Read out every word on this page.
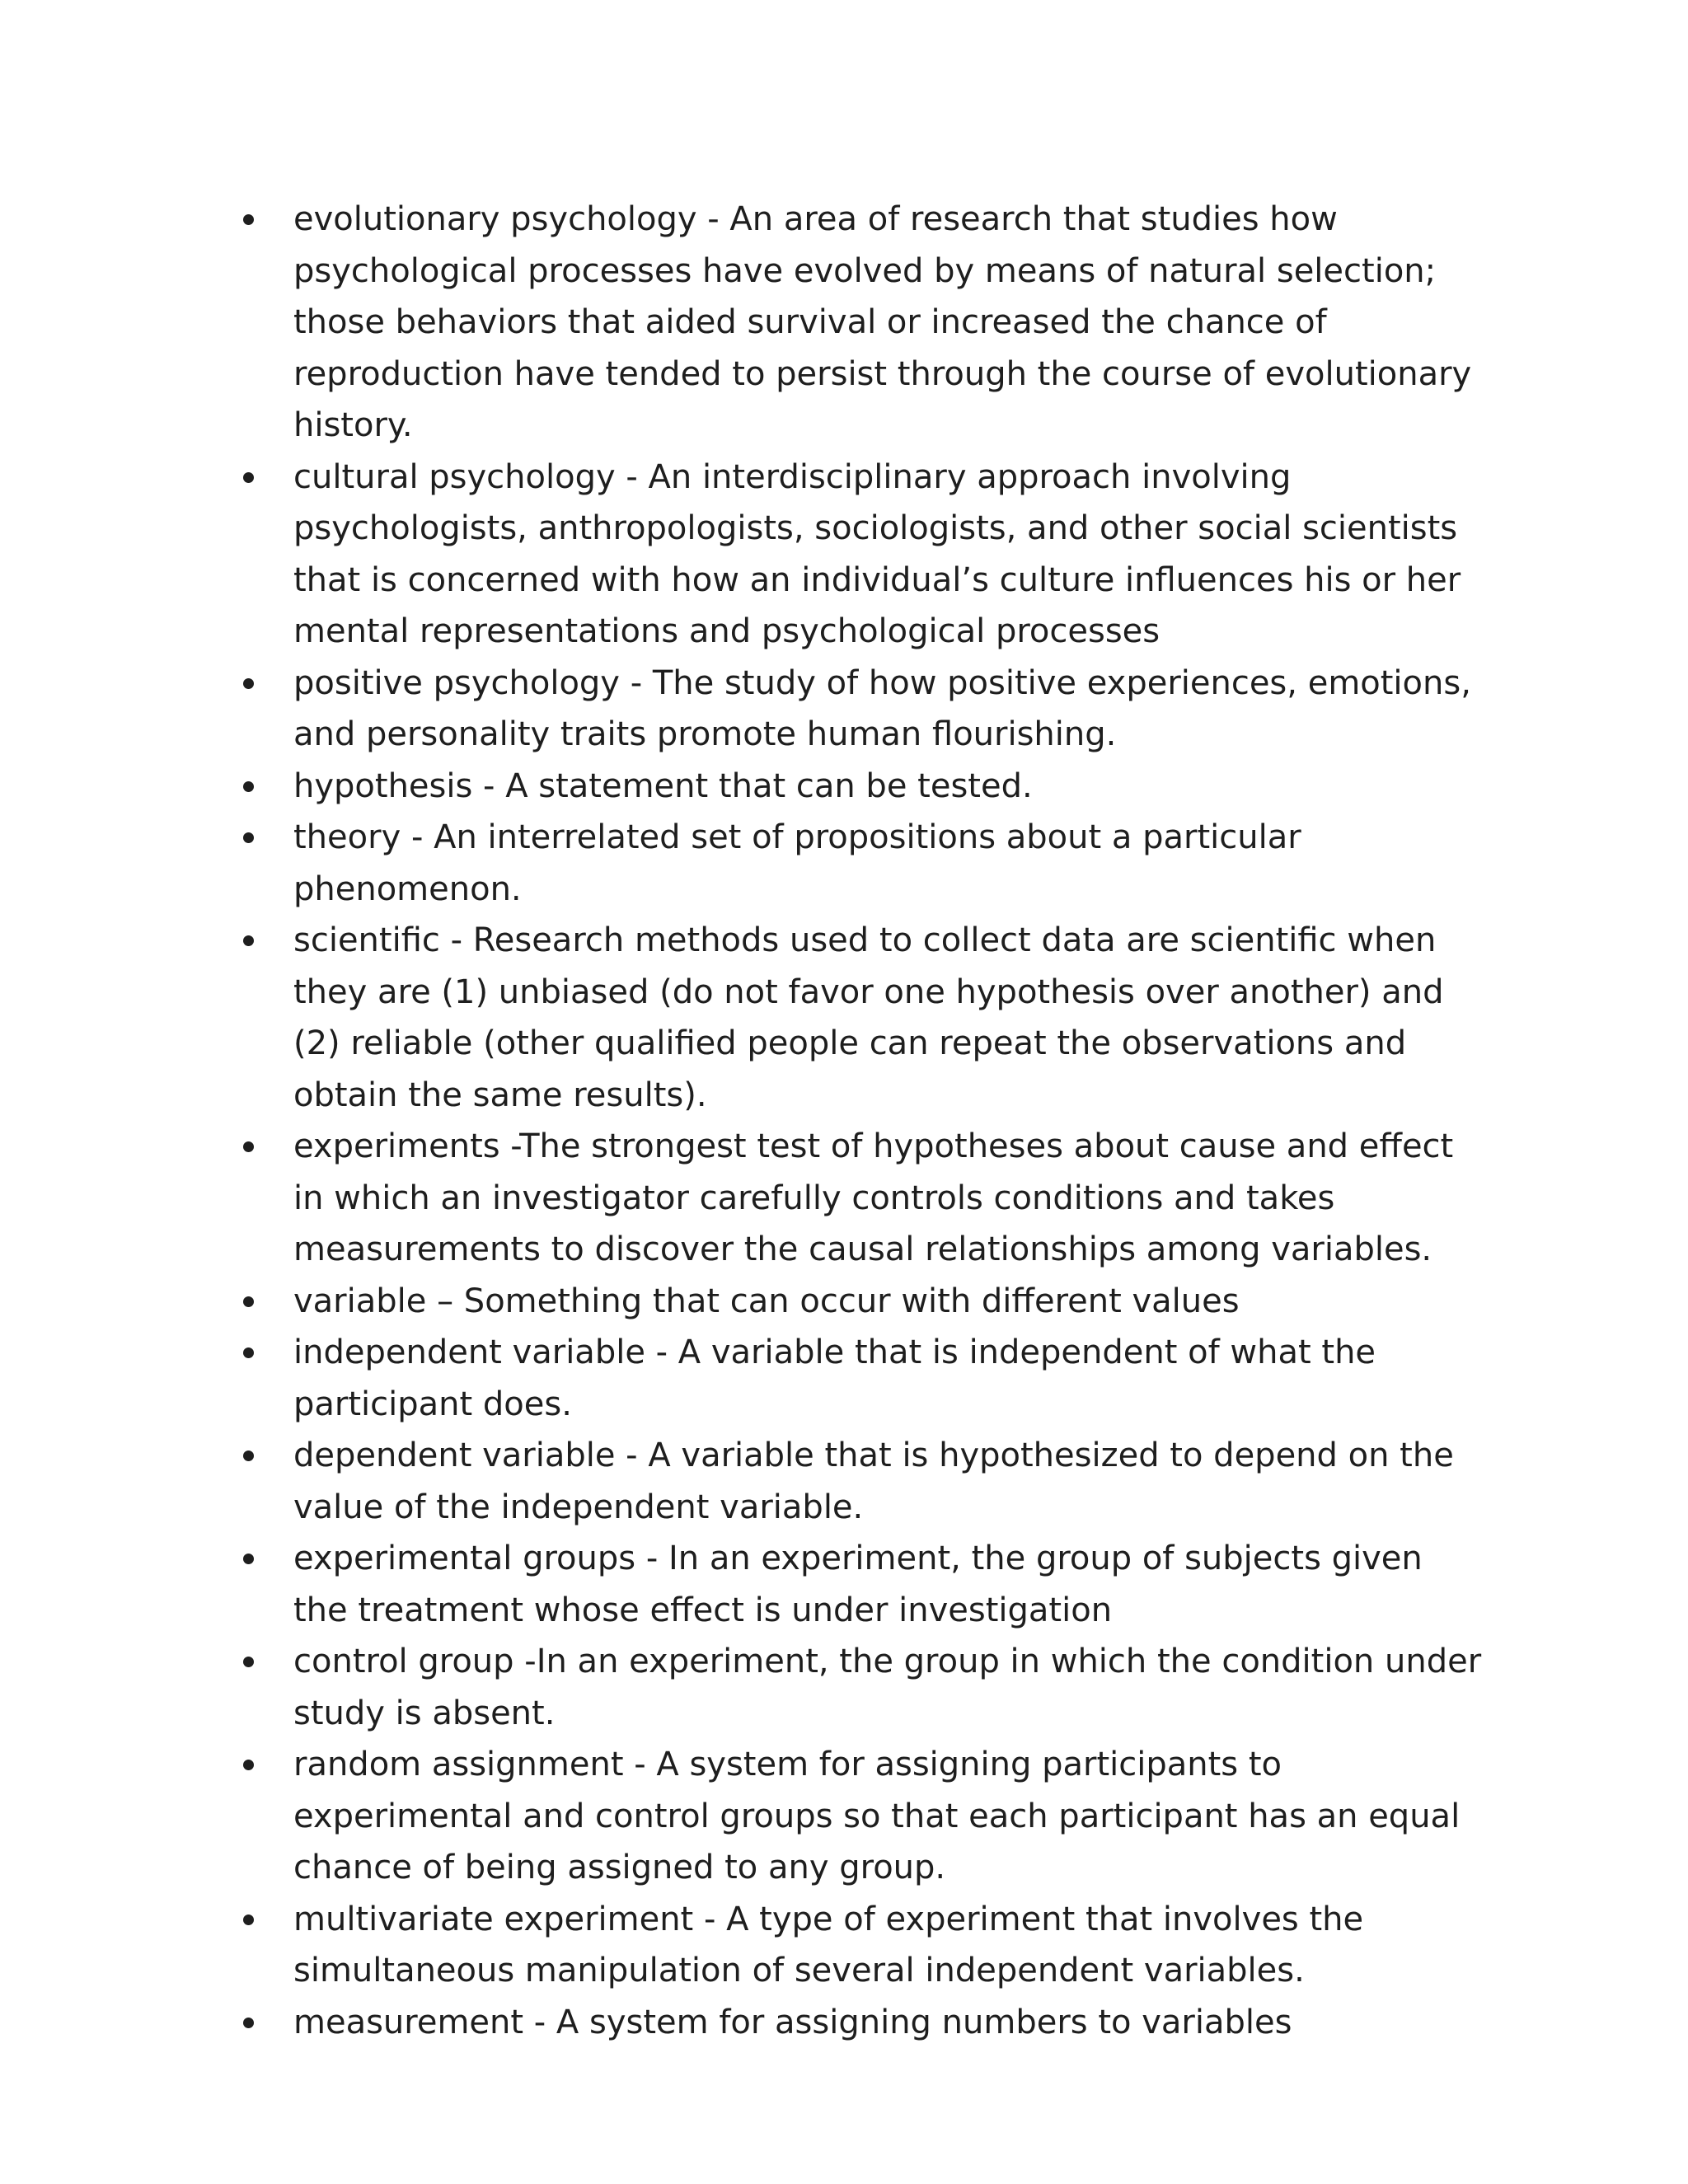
evolutionary psychology - An area of research that studies how psychological processes have evolved by means of natural selection; those behaviors that aided survival or increased the chance of reproduction have tended to persist through the course of evolutionary history.
cultural psychology - An interdisciplinary approach involving psychologists, anthropologists, sociologists, and other social scientists that is concerned with how an individual’s culture influences his or her mental representations and psychological processes
positive psychology - The study of how positive experiences, emotions, and personality traits promote human flourishing.
hypothesis - A statement that can be tested.
theory - An interrelated set of propositions about a particular phenomenon.
scientific - Research methods used to collect data are scientific when they are (1) unbiased (do not favor one hypothesis over another) and (2) reliable (other qualified people can repeat the observations and obtain the same results).
experiments -The strongest test of hypotheses about cause and effect in which an investigator carefully controls conditions and takes measurements to discover the causal relationships among variables.
variable – Something that can occur with different values
independent variable - A variable that is independent of what the participant does.
dependent variable - A variable that is hypothesized to depend on the value of the independent variable.
experimental groups - In an experiment, the group of subjects given the treatment whose effect is under investigation
control group -In an experiment, the group in which the condition under study is absent.
random assignment - A system for assigning participants to experimental and control groups so that each participant has an equal chance of being assigned to any group.
multivariate experiment - A type of experiment that involves the simultaneous manipulation of several independent variables.
measurement - A system for assigning numbers to variables
